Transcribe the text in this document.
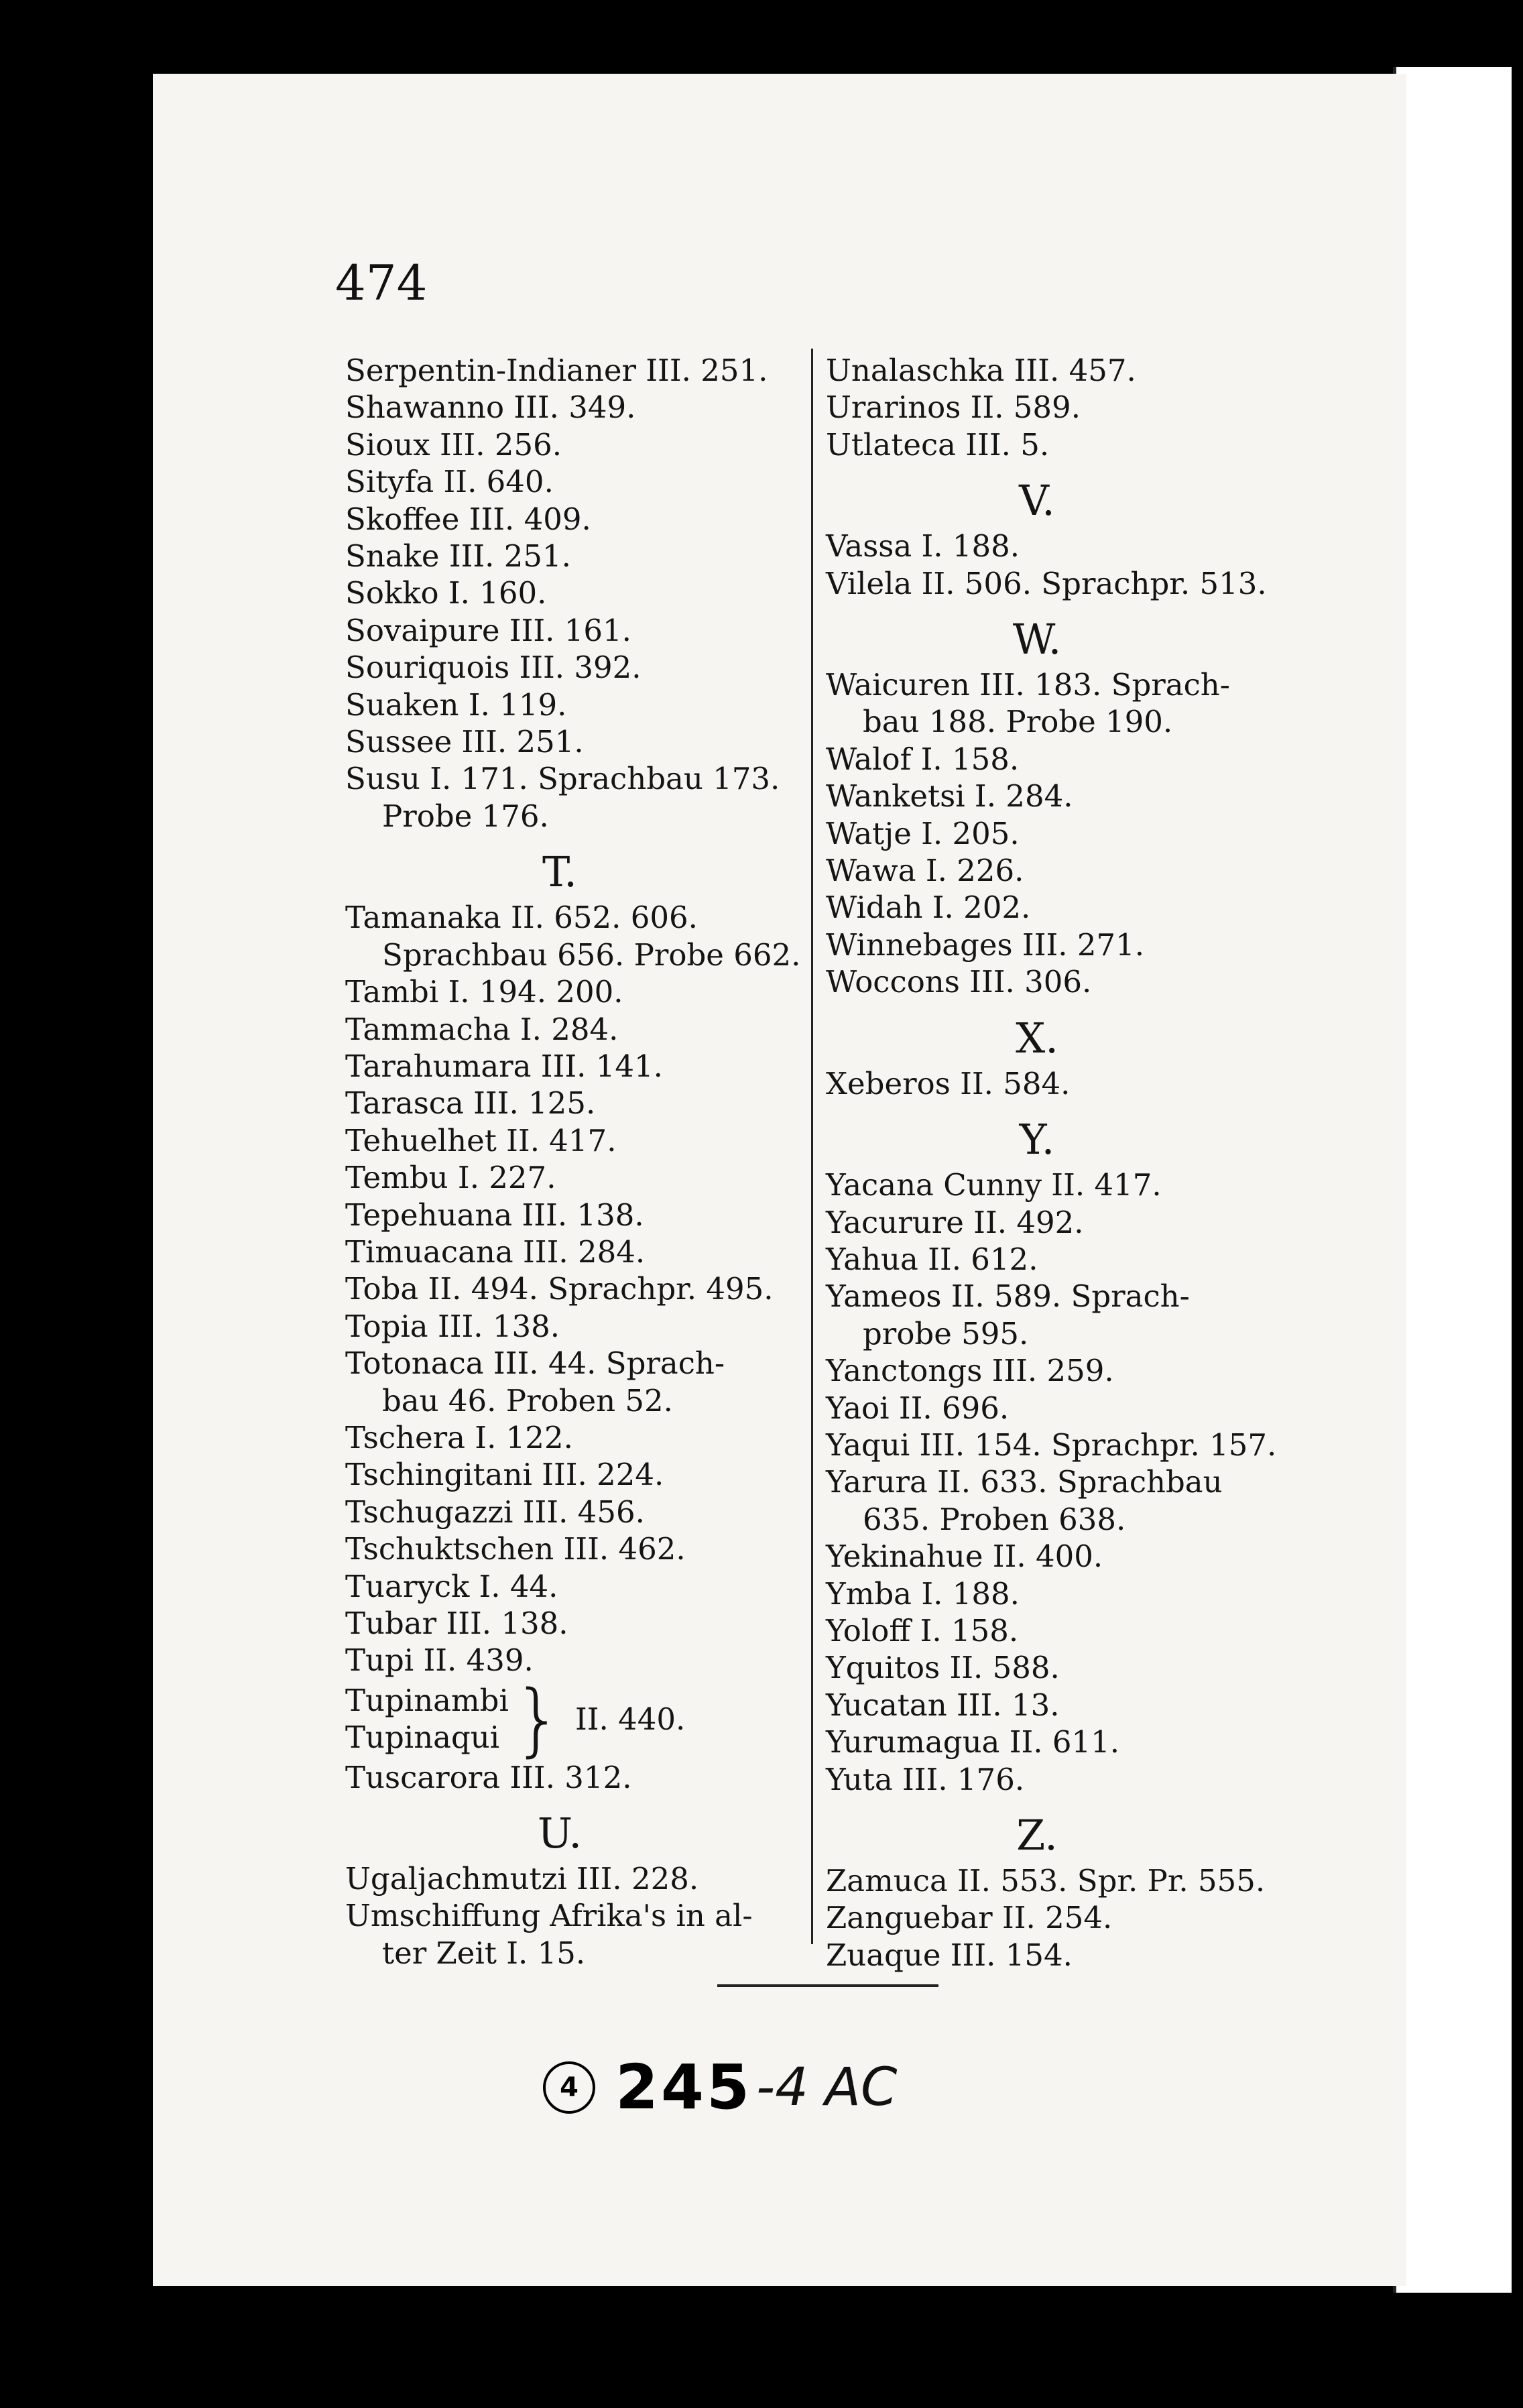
474
Serpentin-Indianer III. 251.
Shawanno III. 349.
Sioux III. 256.
Sityfa II. 640.
Skoffee III. 409.
Snake III. 251.
Sokko I. 160.
Sovaipure III. 161.
Souriquois III. 392.
Suaken I. 119.
Sussee III. 251.
Susu I. 171. Sprachbau 173.
Probe 176.
T.
Tamanaka II. 652. 606.
Sprachbau 656. Probe 662.
Tambi I. 194. 200.
Tammacha I. 284.
Tarahumara III. 141.
Tarasca III. 125.
Tehuelhet II. 417.
Tembu I. 227.
Tepehuana III. 138.
Timuacana III. 284.
Toba II. 494. Sprachpr. 495.
Topia III. 138.
Totonaca III. 44. Sprach-
bau 46. Proben 52.
Tschera I. 122.
Tschingitani III. 224.
Tschugazzi III. 456.
Tschuktschen III. 462.
Tuaryck I. 44.
Tubar III. 138.
Tupi II. 439.
Tupinambi
Tupinaqui } II. 440.
Tuscarora III. 312.
U.
Ugaljachmutzi III. 228.
Umschiffung Afrika's in al-
ter Zeit I. 15.
Unalaschka III. 457.
Urarinos II. 589.
Utlateca III. 5.
V.
Vassa I. 188.
Vilela II. 506. Sprachpr. 513.
W.
Waicuren III. 183. Sprach-
bau 188. Probe 190.
Walof I. 158.
Wanketsi I. 284.
Watje I. 205.
Wawa I. 226.
Widah I. 202.
Winnebages III. 271.
Woccons III. 306.
X.
Xeberos II. 584.
Y.
Yacana Cunny II. 417.
Yacurure II. 492.
Yahua II. 612.
Yameos II. 589. Sprach-
probe 595.
Yanctongs III. 259.
Yaoi II. 696.
Yaqui III. 154. Sprachpr. 157.
Yarura II. 633. Sprachbau
635. Proben 638.
Yekinahue II. 400.
Ymba I. 188.
Yoloff I. 158.
Yquitos II. 588.
Yucatan III. 13.
Yurumagua II. 611.
Yuta III. 176.
Z.
Zamuca II. 553. Spr. Pr. 555.
Zanguebar II. 254.
Zuaque III. 154.
4 245 -4 AC
